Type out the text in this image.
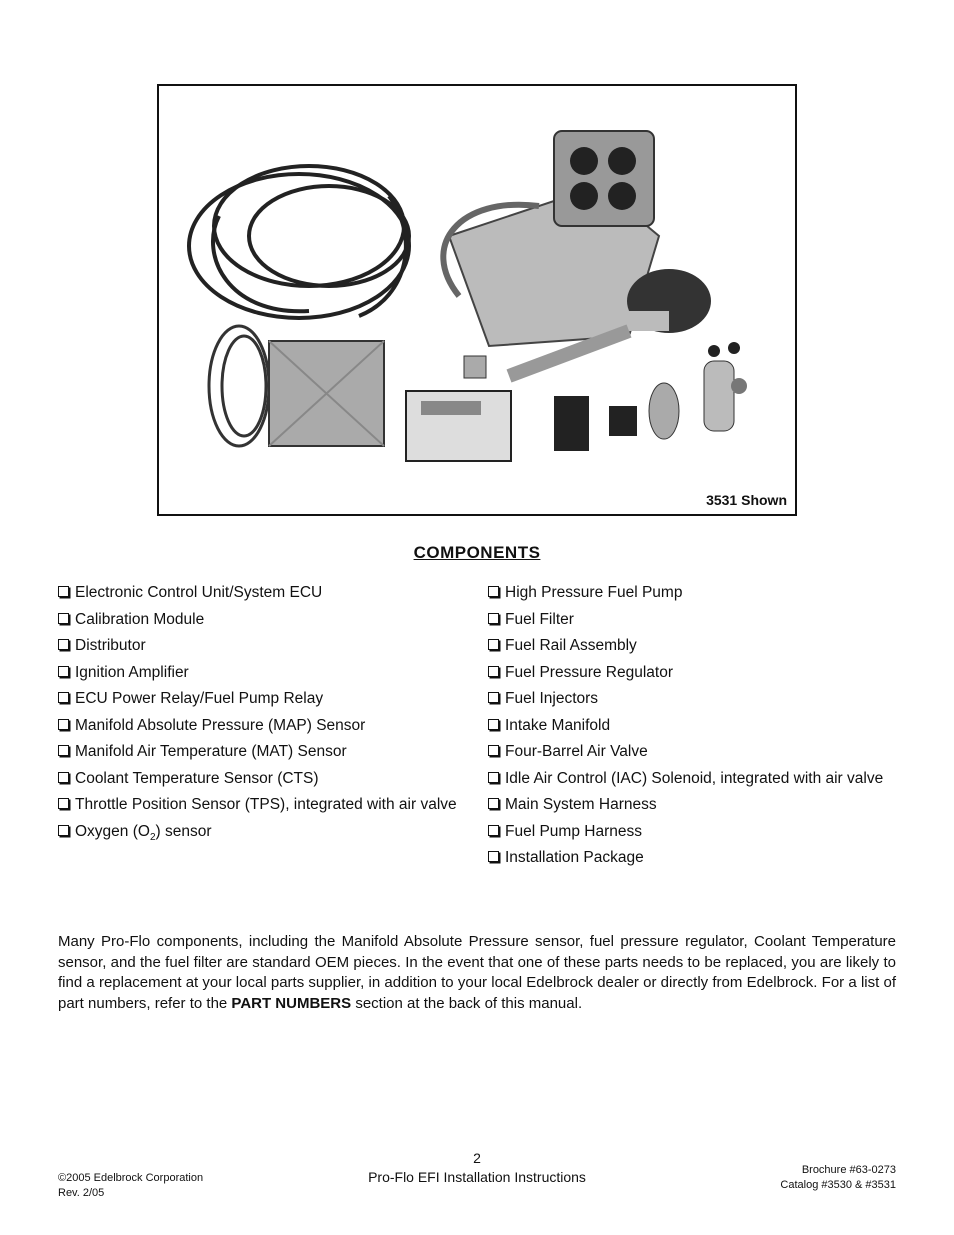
3531 Shown
COMPONENTS
Electronic Control Unit/System ECU
Calibration Module
Distributor
Ignition Amplifier
ECU Power Relay/Fuel Pump Relay
Manifold Absolute Pressure (MAP) Sensor
Manifold Air Temperature (MAT) Sensor
Coolant Temperature Sensor (CTS)
Throttle Position Sensor (TPS), integrated with air valve
Oxygen $(O_2)$ sensor
High Pressure Fuel Pump
Fuel Filter
Fuel Rail Assembly
Fuel Pressure Regulator
Fuel Injectors
Intake Manifold
Four-Barrel Air Valve
Idle Air Control (IAC) Solenoid, integrated with air valve
Main System Harness
Fuel Pump Harness
Installation Package

Many Pro-Flo components, including the Manifold Absolute Pressure sensor, fuel pressure regulator, Coolant Temperature sensor, and the fuel filter are standard OEM pieces. In the event that one of these parts needs to be replaced, you are likely to find a replacement at your local parts supplier, in addition to your local Edelbrock dealer or directly from Edelbrock. For a list of part numbers, refer to the PART NUMBERS section at the back of this manual.

©2005 Edelbrock Corporation
Rev. 2/05
2
Pro-Flo EFI Installation Instructions	Brochure #63-0273
Catalog #3530 & #3531
